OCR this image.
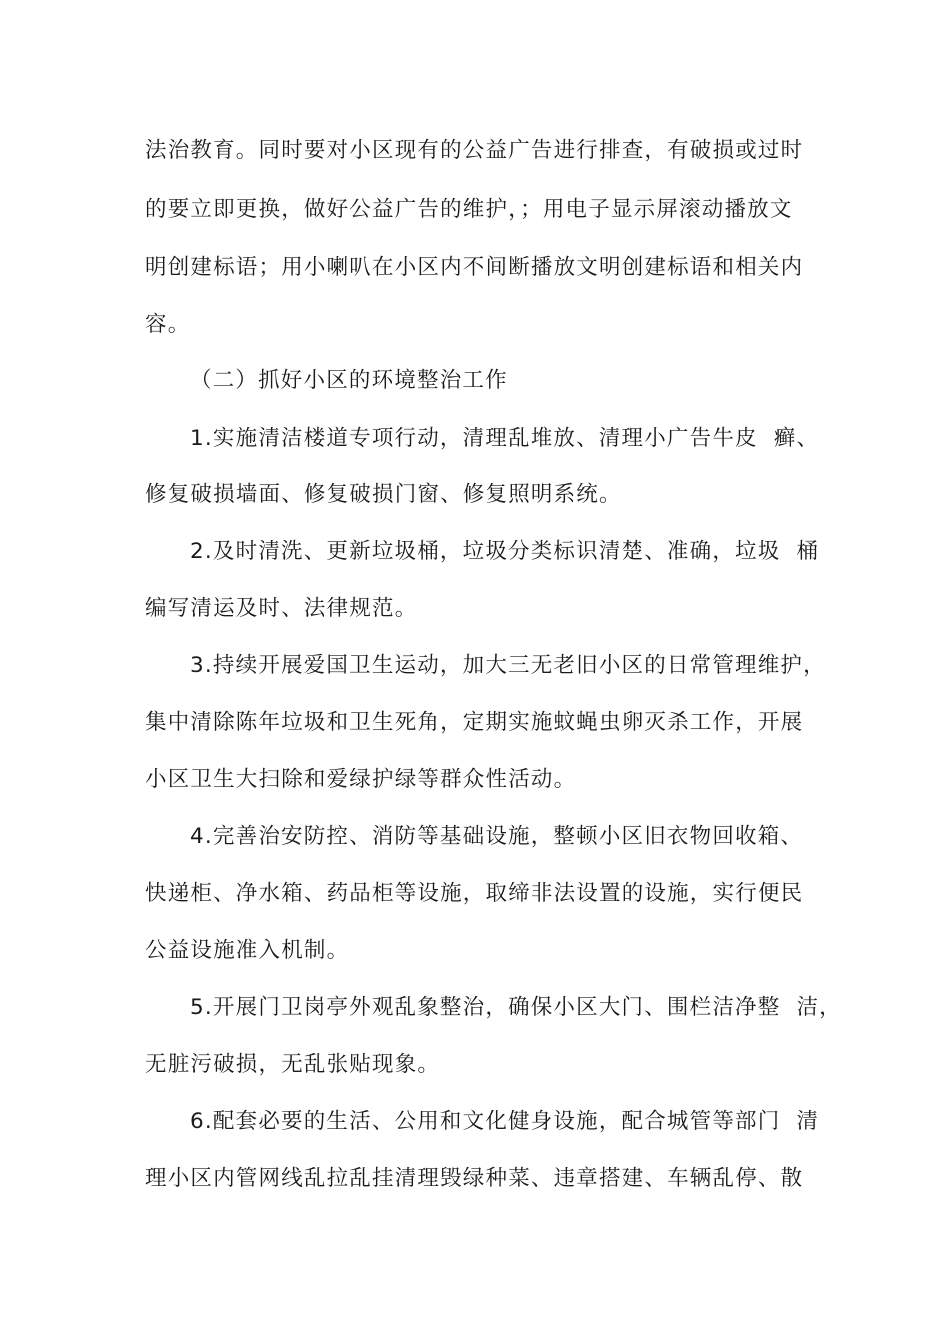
法治教育。同时要对小区现有的公益广告进行排查，有破损或过时
的要立即更换，做好公益广告的维护，；用电子显示屏滚动播放文
明创建标语；用小喇叭在小区内不间断播放文明创建标语和相关内
容。
（二）抓好小区的环境整治工作
1.实施清洁楼道专项行动，清理乱堆放、清理小广告牛皮  癣、
修复破损墙面、修复破损门窗、修复照明系统。
2.及时清洗、更新垃圾桶，垃圾分类标识清楚、准确，垃圾  桶
编写清运及时、法律规范。
3.持续开展爱国卫生运动，加大三无老旧小区的日常管理维护，
集中清除陈年垃圾和卫生死角，定期实施蚊蝇虫卵灭杀工作，开展
小区卫生大扫除和爱绿护绿等群众性活动。
4.完善治安防控、消防等基础设施，整顿小区旧衣物回收箱、
快递柜、净水箱、药品柜等设施，取缔非法设置的设施，实行便民
公益设施准入机制。
5.开展门卫岗亭外观乱象整治，确保小区大门、围栏洁净整  洁，
无脏污破损，无乱张贴现象。
6.配套必要的生活、公用和文化健身设施，配合城管等部门  清
理小区内管网线乱拉乱挂清理毁绿种菜、违章搭建、车辆乱停、散
